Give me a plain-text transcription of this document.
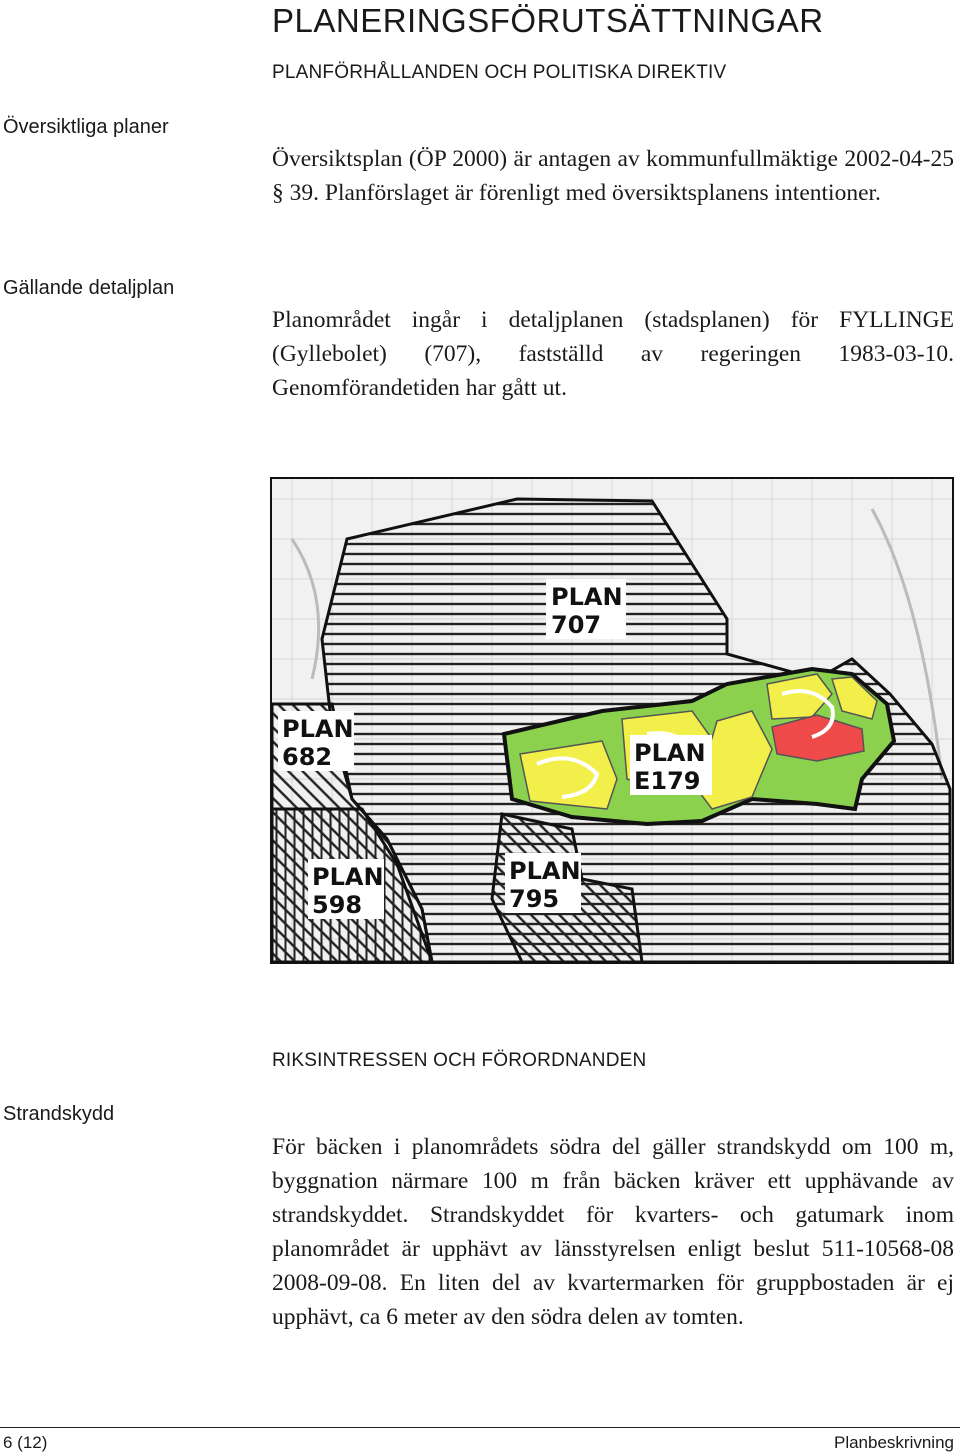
PLANERINGSFÖRUTSÄTTNINGAR
PLANFÖRHÅLLANDEN OCH POLITISKA DIREKTIV
Översiktliga planer
Översiktsplan (ÖP 2000) är antagen av kommunfullmäktige 2002-04-25 § 39. Planförslaget är förenligt med översiktsplanens intentioner.
Gällande detaljplan
Planområdet ingår i detaljplanen (stadsplanen) för FYLLINGE (Gyllebolet) (707), fastställd av regeringen 1983-03-10. Genomförandetiden har gått ut.
PLAN
707
PLAN
682	PLAN
E179
PLAN
598
PLAN
795
RIKSINTRESSEN OCH FÖRORDNANDEN
Strandskydd
För bäcken i planområdets södra del gäller strandskydd om 100 m, byggnation närmare 100 m från bäcken kräver ett upphävande av strandskyddet. Strandskyddet för kvarters- och gatumark inom planområdet är upphävt av länsstyrelsen enligt beslut 511-10568-08 2008-09-08. En liten del av kvartermarken för gruppbostaden är ej upphävt, ca 6 meter av den södra delen av tomten.
6 (12)	Planbeskrivning
